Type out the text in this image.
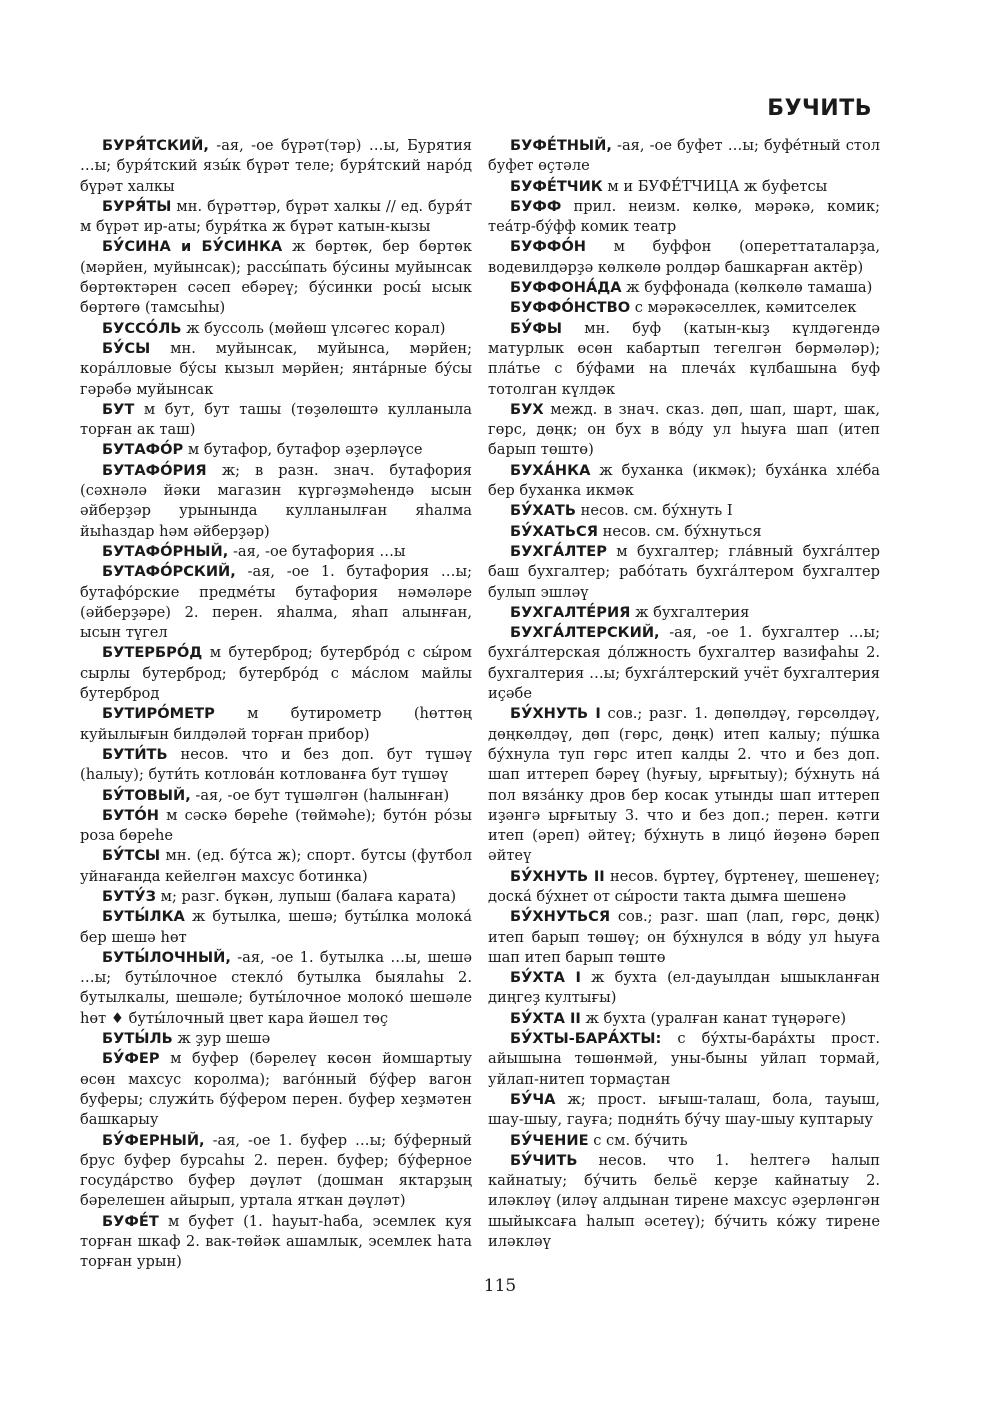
БУЧИТЬ

БУРЯ́ТСКИЙ, -ая, -ое бүрәт(тәр) …ы, Бурятия …ы; буря́тский язы́к бүрәт теле; буря́тский наро́д бүрәт халкы

БУРЯ́ТЫ мн. бүрәттәр, бүрәт халкы // ед. буря́т м бүрәт ир-аты; буря́тка ж бүрәт катын-кызы

БУ́СИНА и БУ́СИНКА ж бөртөк, бер бөртөк (мәрйен, муйынсак); рассы́пать бу́сины муйынсак бөртөктәрен сәсеп ебәреү; бу́синки росы́ ысык бөртөгө (тамсыһы)

БУССО́ЛЬ ж буссоль (мөйөш үлсәгес корал)

БУ́СЫ мн. муйынсак, муйынса, мәрйен; кора́лловые бу́сы кызыл мәрйен; янта́рные бу́сы гәрәбә муйынсак

БУТ м бут, бут ташы (төҙөлөштә кулланыла торған ак таш)

БУТАФО́Р м бутафор, бутафор әҙерләүсе

БУТАФО́РИЯ ж; в разн. знач. бутафория (сәхнәлә йәки магазин күргәҙмәһендә ысын әйберҙәр урынында кулланылған яһалма йыһаздар һәм әйберҙәр)

БУТАФО́РНЫЙ, -ая, -ое бутафория …ы

БУТАФО́РСКИЙ, -ая, -ое 1. бутафория …ы; бутафо́рские предме́ты бутафория нәмәләре (әйберҙәре) 2. перен. яһалма, яһап алынған, ысын түгел

БУТЕРБРО́Д м бутерброд; бутербро́д с сы́ром сырлы бутерброд; бутербро́д с ма́слом майлы бутерброд

БУТИРО́МЕТР м бутирометр (һөттөң куйылығын билдәләй торған прибор)

БУТИ́ТЬ несов. что и без доп. бут түшәү (һалыу); бути́ть котлова́н котлованға бут түшәү

БУ́ТОВЫЙ, -ая, -ое бут түшәлгән (һалынған)

БУТО́Н м сәскә бөреһе (төймәһе); буто́н ро́зы роза бөреһе

БУ́ТСЫ мн. (ед. бу́тса ж); спорт. бутсы (футбол уйнағанда кейелгән махсус ботинка)

БУТУ́З м; разг. бүкән, лупыш (балаға карата)

БУТЫ́ЛКА ж бутылка, шешә; буты́лка молока́ бер шешә һөт

БУТЫ́ЛОЧНЫЙ, -ая, -ое 1. бутылка …ы, шешә …ы; буты́лочное стекло́ бутылка быялаһы 2. бутылкалы, шешәле; буты́лочное молоко́ шешәле һөт ♦ буты́лочный цвет кара йәшел төҫ

БУТЫ́ЛЬ ж ҙур шешә

БУ́ФЕР м буфер (бәрелеү көсөн йомшартыу өсөн махсус королма); ваго́нный бу́фер вагон буферы; служи́ть бу́фером перен. буфер хеҙмәтен башкарыу

БУ́ФЕРНЫЙ, -ая, -ое 1. буфер …ы; бу́ферный брус буфер бурсаһы 2. перен. буфер; бу́ферное госуда́рство буфер дәүләт (дошман яктарҙың бәрелешен айырып, уртала ятҡан дәүләт)

БУФЕ́Т м буфет (1. һауыт-һаба, эсемлек куя торған шкаф 2. вак-төйәк ашамлык, эсемлек һата торған урын)

БУФЕ́ТНЫЙ, -ая, -ое буфет …ы; буфе́тный стол буфет өҫтәле

БУФЕ́ТЧИК м и БУФЕ́ТЧИЦА ж буфетсы

БУФФ прил. неизм. көлкө, мәрәкә, комик; теа́тр-бу́фф комик театр

БУФФО́Н м буффон (опереттаталарҙа, водевилдәрҙә көлкөлө ролдәр башкарған актёр)

БУФФОНА́ДА ж буффонада (көлкөлө тамаша)

БУФФО́НСТВО с мәрәкәселлек, кәмитселек

БУ́ФЫ мн. буф (катын-кыҙ күлдәгендә матурлык өсөн кабартып тегелгән бөрмәләр); пла́тье с бу́фами на плеча́х күлбашына буф тотолган күлдәк

БУХ межд. в знач. сказ. дөп, шап, шарт, шак, гөрс, дөңк; он бух в во́ду ул һыуға шап (итеп барып төштө)

БУХА́НКА ж буханка (икмәк); буха́нка хле́ба бер буханка икмәк

БУ́ХАТЬ несов. см. бу́хнуть I

БУ́ХАТЬСЯ несов. см. бу́хнуться

БУХГА́ЛТЕР м бухгалтер; гла́вный бухга́лтер баш бухгалтер; рабо́тать бухга́лтером бухгалтер булып эшләү

БУХГАЛТЕ́РИЯ ж бухгалтерия

БУХГА́ЛТЕРСКИЙ, -ая, -ое 1. бухгалтер …ы; бухга́лтерская до́лжность бухгалтер вазифаһы 2. бухгалтерия …ы; бухга́лтерский учёт бухгалтерия иҫәбе

БУ́ХНУТЬ I сов.; разг. 1. дөпөлдәү, гөрсөлдәү, дөңкөлдәү, дөп (гөрс, дөңк) итеп калыу; пу́шка бу́хнула туп гөрс итеп калды 2. что и без доп. шап иттереп бәреү (һуғыу, ырғытыу); бу́хнуть на́ пол вяза́нку дров бер косак утынды шап иттереп иҙәнгә ырғытыу 3. что и без доп.; перен. кәтги итеп (әреп) әйтеү; бу́хнуть в лицо́ йөҙөнә бәреп әйтеү

БУ́ХНУТЬ II несов. бүртеү, бүртенеү, шешенеү; доска́ бу́хнет от сы́рости такта дымға шешенә

БУ́ХНУТЬСЯ сов.; разг. шап (лап, гөрс, дөңк) итеп барып төшөү; он бу́хнулся в во́ду ул һыуға шап итеп барып төштө

БУ́ХТА I ж бухта (ел-дауылдан ышыкланған диңгеҙ култығы)

БУ́ХТА II ж бухта (уралған канат түңәрәге)

БУ́ХТЫ-БАРА́ХТЫ: с бу́хты-бара́хты прост. айышына төшөнмәй, уны-быны уйлап тормай, уйлап-нитеп тормаҫтан

БУ́ЧА ж; прост. ығыш-талаш, бола, тауыш, шау-шыу, гауға; подня́ть бу́чу шау-шыу куптарыу

БУ́ЧЕНИЕ с см. бу́чить

БУ́ЧИТЬ несов. что 1. һелтегә һалып кайнатыу; бу́чить бельё керҙе кайнатыу 2. иләкләү (иләү алдынан тирене махсус әҙерләнгән шыйыксаға һалып әсетеү); бу́чить ко́жу тирене иләкләү

115
